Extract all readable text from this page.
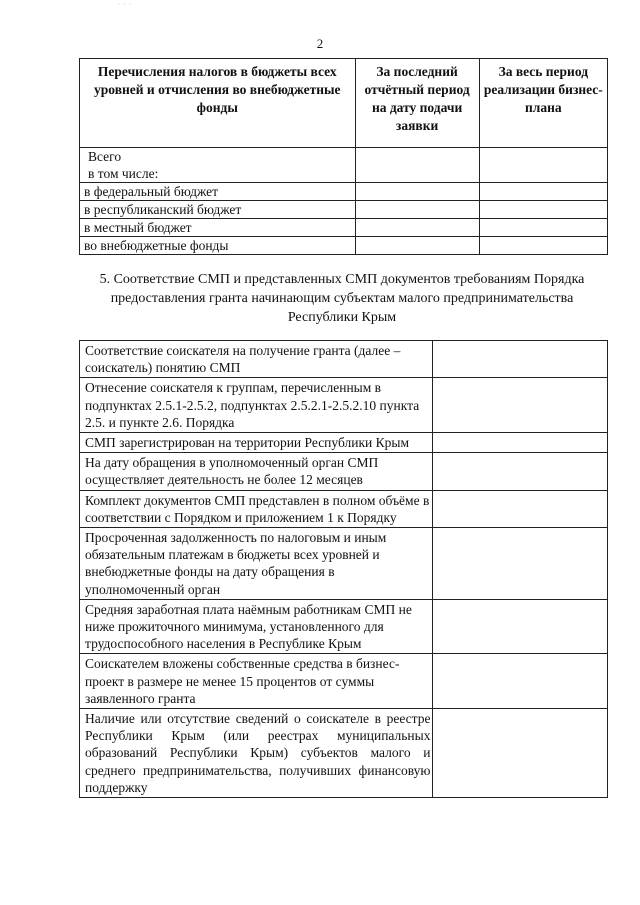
· · ·
2
Перечисления налогов в бюджеты всех уровней и отчисления во внебюджетные фонды	За последний отчётный период на дату подачи заявки	За весь период реализации бизнес-плана
Всего
в том числе:		
в федеральный бюджет		
в республиканский бюджет		
в местный бюджет		
во внебюджетные фонды		
5. Соответствие СМП и представленных СМП документов требованиям Порядка предоставления гранта начинающим субъектам малого предпринимательства Республики Крым
Соответствие соискателя на получение гранта (далее – соискатель) понятию СМП	
Отнесение соискателя к группам, перечисленным в подпунктах 2.5.1-2.5.2, подпунктах 2.5.2.1-2.5.2.10 пункта 2.5. и пункте 2.6. Порядка	
СМП зарегистрирован на территории Республики Крым	
На дату обращения в уполномоченный орган СМП осуществляет деятельность не более 12 месяцев	
Комплект документов СМП представлен в полном объёме в соответствии с Порядком и приложением 1 к Порядку	
Просроченная задолженность по налоговым и иным обязательным платежам в бюджеты всех уровней и внебюджетные фонды на дату обращения в уполномоченный орган	
Средняя заработная плата наёмным работникам СМП не ниже прожиточного минимума, установленного для трудоспособного населения в Республике Крым	
Соискателем вложены собственные средства в бизнес-проект в размере не менее 15 процентов от суммы заявленного гранта	
Наличие или отсутствие сведений о соискателе в реестре Республики Крым (или реестрах муниципальных образований Республики Крым) субъектов малого и среднего предпринимательства, получивших финансовую поддержку	
